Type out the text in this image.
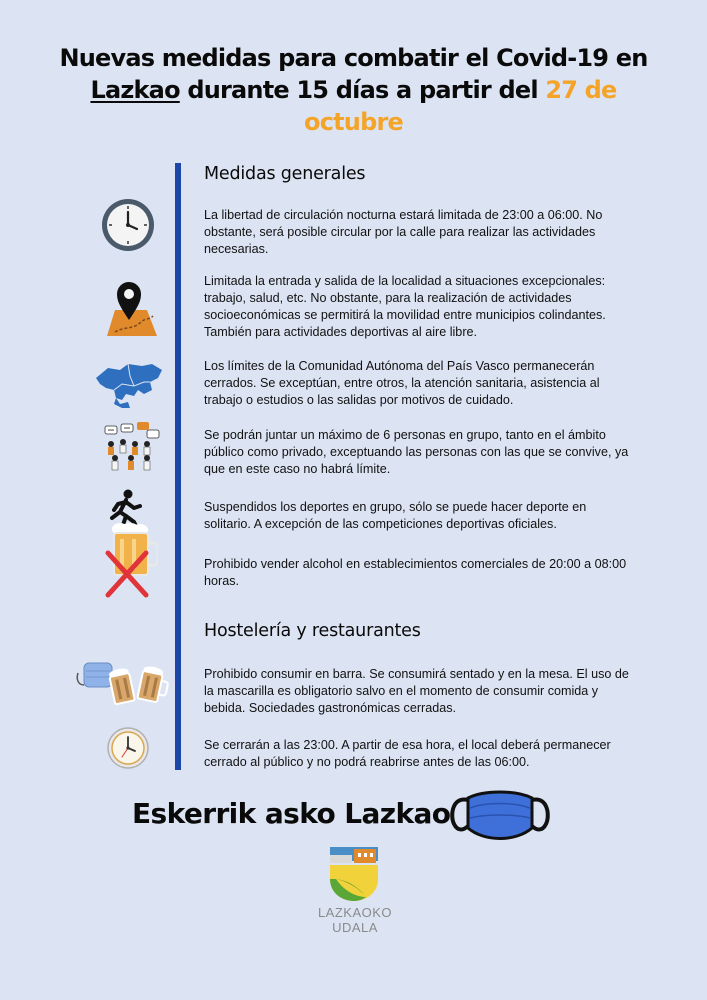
Nuevas medidas para combatir el Covid-19 en
Lazkao durante 15 días a partir del 27 de
octubre
Medidas generales
Hostelería y restaurantes
La libertad de circulación nocturna estará limitada de 23:00 a 06:00. No obstante, será posible circular por la calle para realizar las actividades necesarias.
Limitada la entrada y salida de la localidad a situaciones excepcionales: trabajo, salud, etc. No obstante, para la realización de actividades socioeconómicas se permitirá la movilidad entre municipios colindantes. También para actividades deportivas al aire libre.
Los límites de la Comunidad Autónoma del País Vasco permanecerán cerrados. Se exceptúan, entre otros, la atención sanitaria, asistencia al trabajo o estudios o las salidas por motivos de cuidado.
Se podrán juntar un máximo de 6 personas en grupo, tanto en el ámbito público como privado, exceptuando las personas con las que se convive, ya que en este caso no habrá límite.
Suspendidos los deportes en grupo, sólo se puede hacer deporte en solitario. A excepción de las competiciones deportivas oficiales.
Prohibido vender alcohol en establecimientos comerciales de 20:00 a 08:00 horas.
Prohibido consumir en barra. Se consumirá sentado y en la mesa. El uso de la mascarilla es obligatorio salvo en el momento de consumir comida y bebida. Sociedades gastronómicas cerradas.
Se cerrarán a las 23:00. A partir de esa hora, el local deberá permanecer cerrado al público y no podrá reabrirse antes de las 06:00.
Eskerrik asko Lazkao
LAZKAOKO
UDALA
